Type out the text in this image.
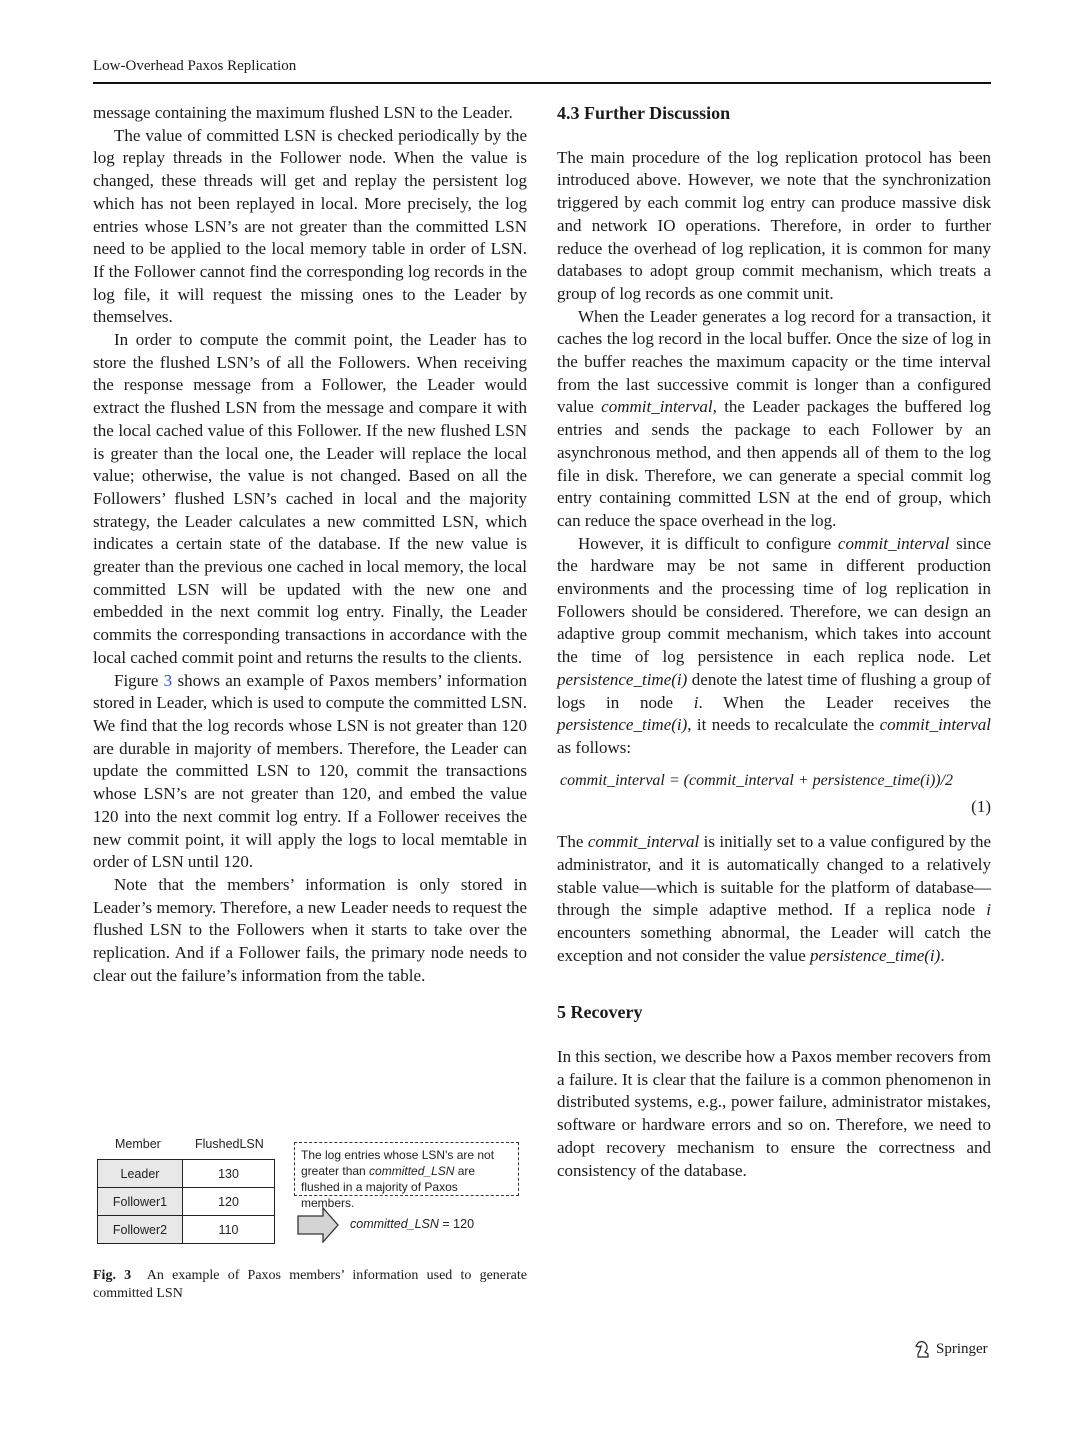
Low-Overhead Paxos Replication

message containing the maximum flushed LSN to the Leader.

The value of committed LSN is checked periodically by the log replay threads in the Follower node. When the value is changed, these threads will get and replay the persistent log which has not been replayed in local. More precisely, the log entries whose LSN’s are not greater than the committed LSN need to be applied to the local memory table in order of LSN. If the Follower cannot find the corresponding log records in the log file, it will request the missing ones to the Leader by themselves.

In order to compute the commit point, the Leader has to store the flushed LSN’s of all the Followers. When receiving the response message from a Follower, the Leader would extract the flushed LSN from the message and compare it with the local cached value of this Follower. If the new flushed LSN is greater than the local one, the Leader will replace the local value; otherwise, the value is not changed. Based on all the Followers’ flushed LSN’s cached in local and the majority strategy, the Leader calculates a new committed LSN, which indicates a certain state of the database. If the new value is greater than the previous one cached in local memory, the local committed LSN will be updated with the new one and embedded in the next commit log entry. Finally, the Leader commits the corresponding transactions in accordance with the local cached commit point and returns the results to the clients.

Figure 3 shows an example of Paxos members’ information stored in Leader, which is used to compute the committed LSN. We find that the log records whose LSN is not greater than 120 are durable in majority of members. Therefore, the Leader can update the committed LSN to 120, commit the transactions whose LSN’s are not greater than 120, and embed the value 120 into the next commit log entry. If a Follower receives the new commit point, it will apply the logs to local memtable in order of LSN until 120.

Note that the members’ information is only stored in Leader’s memory. Therefore, a new Leader needs to request the flushed LSN to the Followers when it starts to take over the replication. And if a Follower fails, the primary node needs to clear out the failure’s information from the table.

Member	FlushedLSN
Leader	130
Follower1	120
Follower2	110
The log entries whose LSN's are not greater than committed_LSN are flushed in a majority of Paxos members.
committed_LSN = 120
Fig. 3 An example of Paxos members’ information used to generate committed LSN

4.3 Further Discussion

The main procedure of the log replication protocol has been introduced above. However, we note that the synchronization triggered by each commit log entry can produce massive disk and network IO operations. Therefore, in order to further reduce the overhead of log replication, it is common for many databases to adopt group commit mechanism, which treats a group of log records as one commit unit.

When the Leader generates a log record for a transaction, it caches the log record in the local buffer. Once the size of log in the buffer reaches the maximum capacity or the time interval from the last successive commit is longer than a configured value commit_interval, the Leader packages the buffered log entries and sends the package to each Follower by an asynchronous method, and then appends all of them to the log file in disk. Therefore, we can generate a special commit log entry containing committed LSN at the end of group, which can reduce the space overhead in the log.

However, it is difficult to configure commit_interval since the hardware may be not same in different production environments and the processing time of log replication in Followers should be considered. Therefore, we can design an adaptive group commit mechanism, which takes into account the time of log persistence in each replica node. Let persistence_time(i) denote the latest time of flushing a group of logs in node i. When the Leader receives the persistence_time(i), it needs to recalculate the commit_interval as follows:

commit_interval = (commit_interval + persistence_time(i))/2
(1)

The commit_interval is initially set to a value configured by the administrator, and it is automatically changed to a relatively stable value—which is suitable for the platform of database—through the simple adaptive method. If a replica node i encounters something abnormal, the Leader will catch the exception and not consider the value persistence_time(i).

5 Recovery

In this section, we describe how a Paxos member recovers from a failure. It is clear that the failure is a common phenomenon in distributed systems, e.g., power failure, administrator mistakes, software or hardware errors and so on. Therefore, we need to adopt recovery mechanism to ensure the correctness and consistency of the database.

Springer
